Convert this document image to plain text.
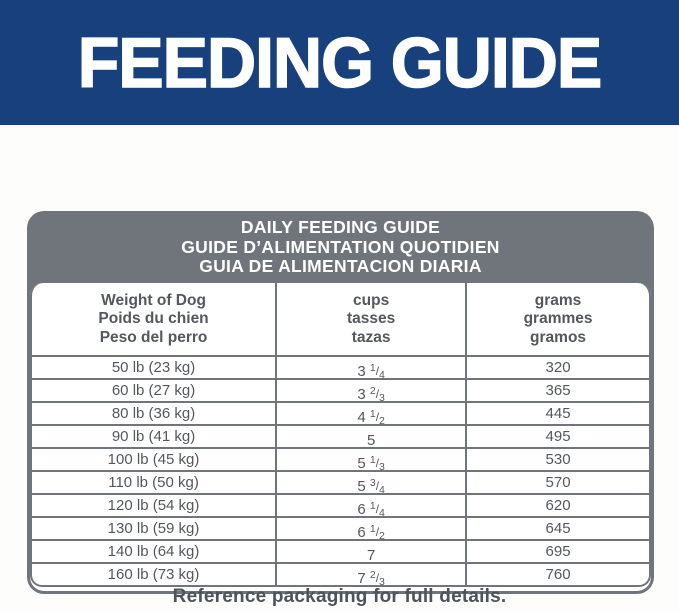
FEEDING GUIDE
DAILY FEEDING GUIDE
GUIDE D’ALIMENTATION QUOTIDIEN
GUIA DE ALIMENTACION DIARIA
Weight of Dog
Poids du chien
Peso del perro
cups
tasses
tazas
grams
grammes
gramos
50 lb (23 kg)	3 $^1$/4	320
60 lb (27 kg)	3 $^2$/3	365
80 lb (36 kg)	4 $^1$/2	445
90 lb (41 kg)	5	495
100 lb (45 kg)	5 $^1$/3	530
110 lb (50 kg)	5 $^3$/4	570
120 lb (54 kg)	6 $^1$/4	620
130 lb (59 kg)	6 $^1$/2	645
140 lb (64 kg)	7	695
160 lb (73 kg)	7 $^2$/3	760
Reference packaging for full details.
